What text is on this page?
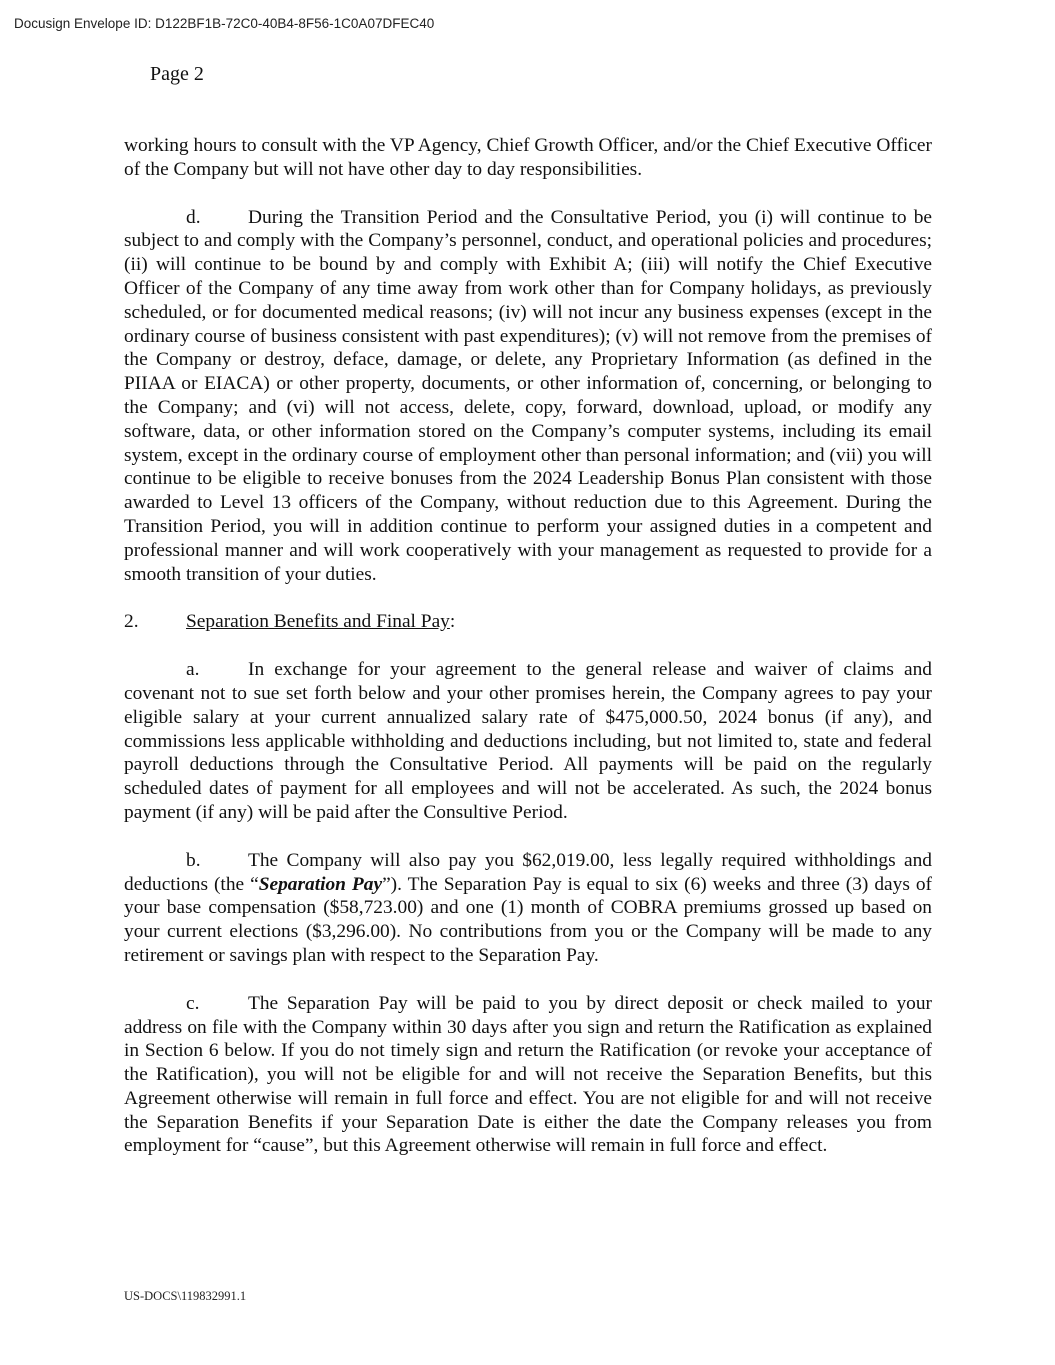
Docusign Envelope ID: D122BF1B-72C0-40B4-8F56-1C0A07DFEC40
Page 2

working hours to consult with the VP Agency, Chief Growth Officer, and/or the Chief Executive Officer of the Company but will not have other day to day responsibilities.

d. During the Transition Period and the Consultative Period, you (i) will continue to be subject to and comply with the Company’s personnel, conduct, and operational policies and procedures; (ii) will continue to be bound by and comply with Exhibit A; (iii) will notify the Chief Executive Officer of the Company of any time away from work other than for Company holidays, as previously scheduled, or for documented medical reasons; (iv) will not incur any business expenses (except in the ordinary course of business consistent with past expenditures); (v) will not remove from the premises of the Company or destroy, deface, damage, or delete, any Proprietary Information (as defined in the PIIAA or EIACA) or other property, documents, or other information of, concerning, or belonging to the Company; and (vi) will not access, delete, copy, forward, download, upload, or modify any software, data, or other information stored on the Company’s computer systems, including its email system, except in the ordinary course of employment other than personal information; and (vii) you will continue to be eligible to receive bonuses from the 2024 Leadership Bonus Plan consistent with those awarded to Level 13 officers of the Company, without reduction due to this Agreement. During the Transition Period, you will in addition continue to perform your assigned duties in a competent and professional manner and will work cooperatively with your management as requested to provide for a smooth transition of your duties.

2. Separation Benefits and Final Pay:

a.	In exchange for your agreement to the general release and waiver of claims and covenant not to sue set forth below and your other promises herein, the Company agrees to pay your eligible salary at your current annualized salary rate of $475,000.50, 2024 bonus (if any), and commissions less applicable withholding and deductions including, but not limited to, state and federal payroll deductions through the Consultative Period. All payments will be paid on the regularly scheduled dates of payment for all employees and will not be accelerated. As such, the 2024 bonus payment (if any) will be paid after the Consultive Period.

b. The Company will also pay you $62,019.00, less legally required withholdings and deductions (the “Separation Pay”). The Separation Pay is equal to six (6) weeks and three (3) days of your base compensation ($58,723.00) and one (1) month of COBRA premiums grossed up based on your current elections ($3,296.00). No contributions from you or the Company will be made to any retirement or savings plan with respect to the Separation Pay.

c.	The Separation Pay will be paid to you by direct deposit or check mailed to your address on file with the Company within 30 days after you sign and return the Ratification as explained in Section 6 below. If you do not timely sign and return the Ratification (or revoke your acceptance of the Ratification), you will not be eligible for and will not receive the Separation Benefits, but this Agreement otherwise will remain in full force and effect. You are not eligible for and will not receive the Separation Benefits if your Separation Date is either the date the Company releases you from employment for “cause”, but this Agreement otherwise will remain in full force and effect.

US-DOCS\119832991.1
